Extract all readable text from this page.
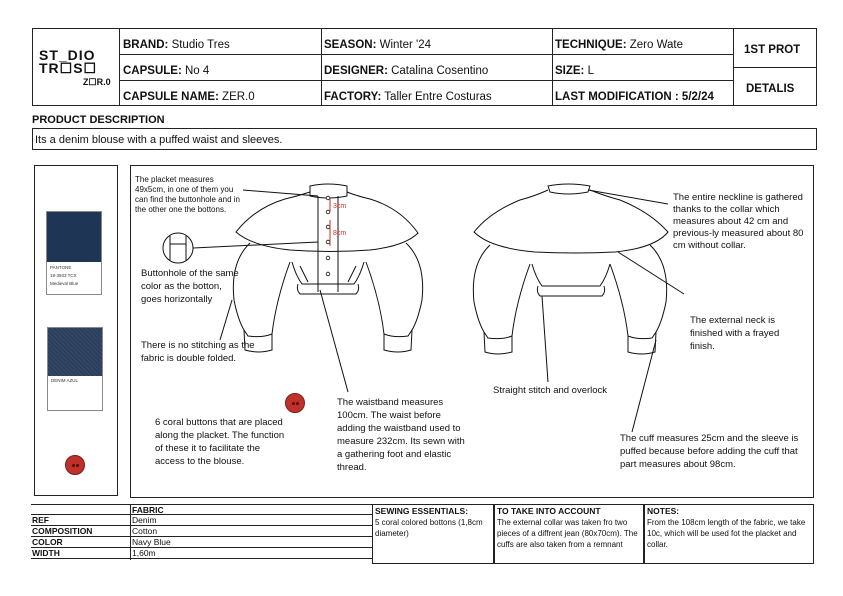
ST_DIO
TR☐S☐
Z☐R.0
BRAND: Studio Tres	SEASON: Winter '24	TECHNIQUE: Zero Wate
CAPSULE: No 4	DESIGNER: Catalina Cosentino	SIZE: L
CAPSULE NAME: ZER.0	FACTORY: Taller Entre Costuras	LAST MODIFICATION : 5/2/24
1ST PROT
DETALIS
PRODUCT DESCRIPTION
Its a denim blouse with a puffed waist and sleeves.
PANTONE
19-3933 TCX
Medieval Blue
DENIM AZUL
3cm
8cm
The placket measures 49x5cm, in one of them you can find the buttonhole and in the other one the bottons.
Buttonhole of the same color as the botton, goes horizontally
There is no stitching as the fabric is double folded.
6 coral buttons that are placed along the placket. The function of these it to facilitate the access to the blouse.
The waistband measures 100cm. The waist before adding the waistband used to measure 232cm. Its sewn with a gathering foot and elastic thread.
Straight stitch and overlock
The entire neckline is gathered thanks to the collar which measures about 42 cm and previous-ly measured about 80 cm without collar.
The external neck is finished with a frayed finish.
The cuff measures 25cm and the sleeve is puffed because before adding the cuff that part measures about 98cm.
FABRIC
REF	Denim
COMPOSITION	Cotton
COLOR	Navy Blue
WIDTH	1,60m
SEWING ESSENTIALS:
5 coral colored bottons (1,8cm diameter)
TO TAKE INTO ACCOUNT
The external collar was taken fro two pieces of a diffrent jean (80x70cm). The cuffs are also taken from a remnant
NOTES:
From the 108cm length of the fabric, we take 10c, which will be used fot the placket and collar.
